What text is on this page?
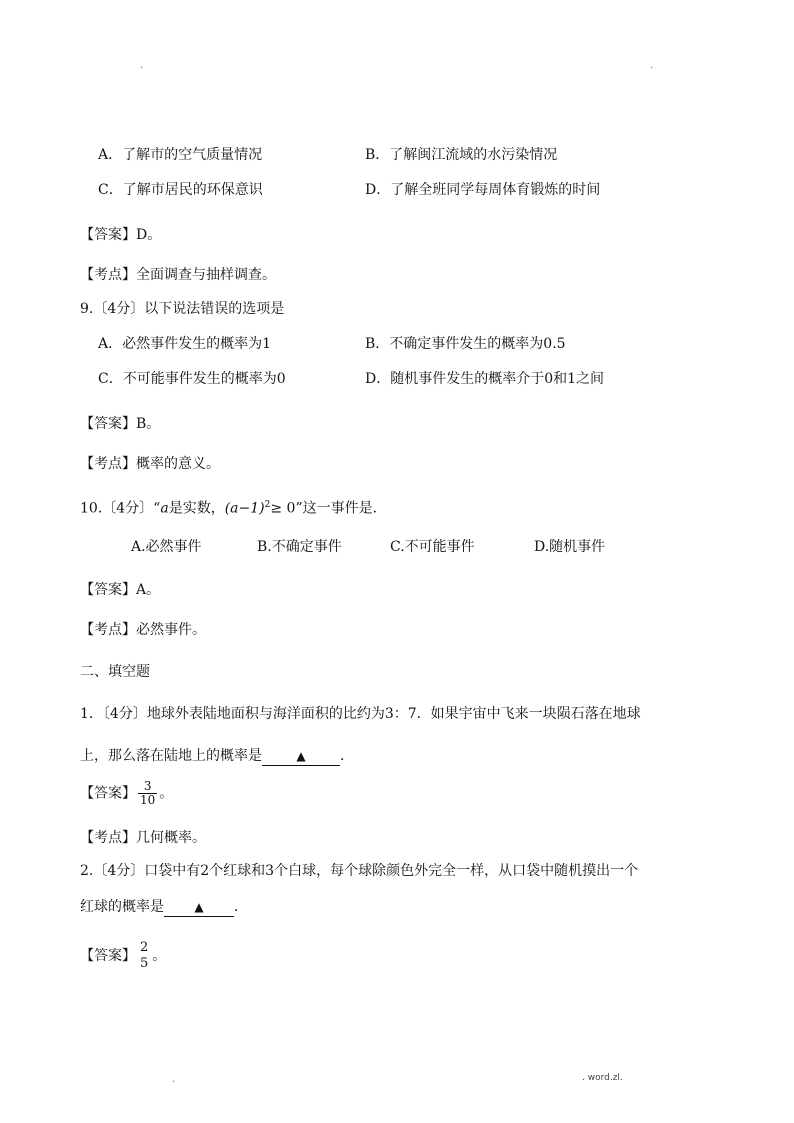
.	.
A．了解市的空气质量情况	B．了解闽江流域的水污染情况
C．了解市居民的环保意识	D．了解全班同学每周体育锻炼的时间
【答案】D。
【考点】全面调查与抽样调查。
9.〔4分〕以下说法错误的选项是
A．必然事件发生的概率为1	B．不确定事件发生的概率为0.5
C．不可能事件发生的概率为0	D．随机事件发生的概率介于0和1之间
【答案】B。
【考点】概率的意义。
10.〔4分〕“a是实数，$(a-1)^2\ge 0$”这一事件是．
A.必然事件	B.不确定事件	C.不可能事件	D.随机事件
【答案】A。
【考点】必然事件。
二、填空题
1．〔4分〕地球外表陆地面积与海洋面积的比约为3：7．如果宇宙中飞来一块陨石落在地球
上，那么落在陆地上的概率是	▲ ．
【答案】 $\frac{3}{10}$ 。
【考点】几何概率。
2.〔4分〕口袋中有2个红球和3个白球，每个球除颜色外完全一样，从口袋中随机摸出一个
红球的概率是	▲ ．
【答案】
2
5 。
.	. word.zl.
